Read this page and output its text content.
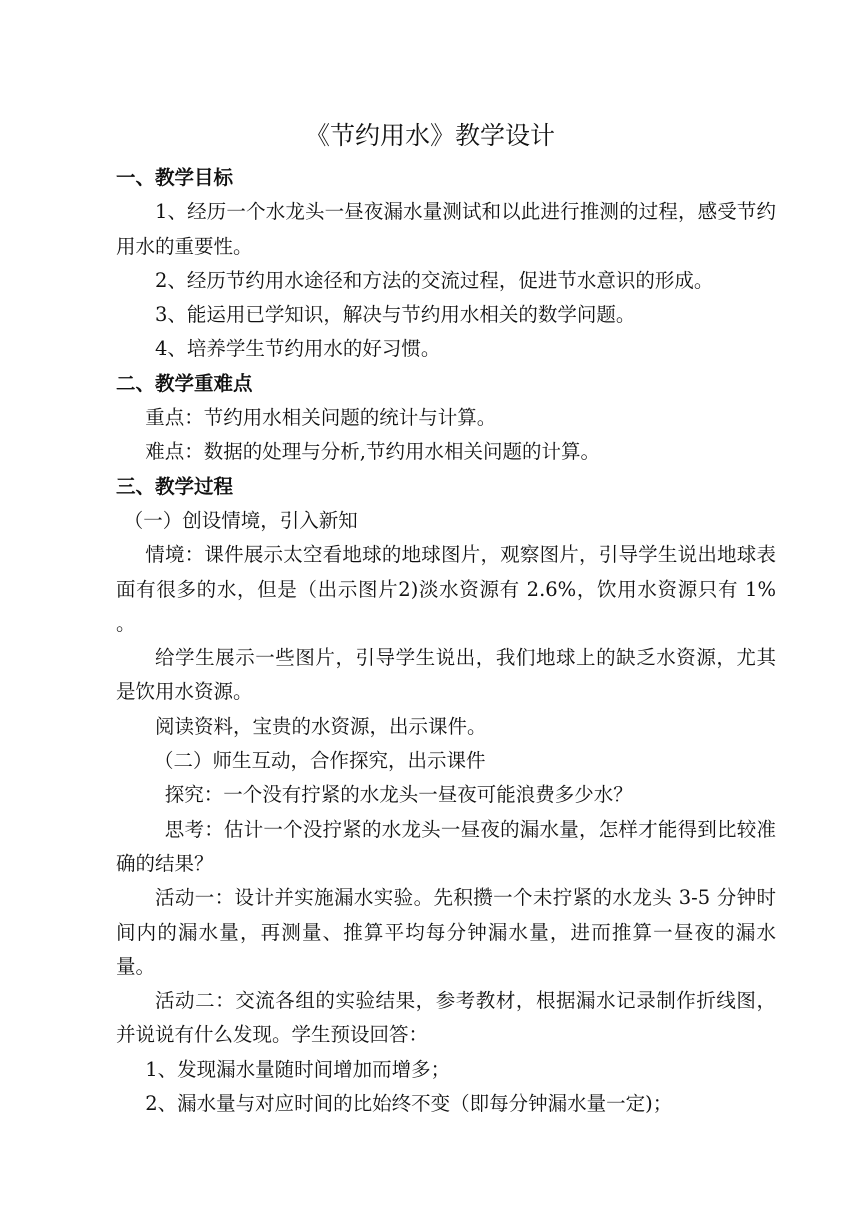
《节约用水》教学设计
一、教学目标

1、经历一个水龙头一昼夜漏水量测试和以此进行推测的过程，感受节约用水的重要性。

2、经历节约用水途径和方法的交流过程，促进节水意识的形成。

3、能运用已学知识，解决与节约用水相关的数学问题。

4、培养学生节约用水的好习惯。

二、教学重难点

重点：节约用水相关问题的统计与计算。

难点：数据的处理与分析,节约用水相关问题的计算。

三、教学过程

（一）创设情境，引入新知

情境：课件展示太空看地球的地球图片，观察图片，引导学生说出地球表面有很多的水，但是（出示图片2)淡水资源有 2.6%，饮用水资源只有 1% 。

给学生展示一些图片，引导学生说出，我们地球上的缺乏水资源，尤其是饮用水资源。

阅读资料，宝贵的水资源，出示课件。

（二）师生互动，合作探究，出示课件

探究：一个没有拧紧的水龙头一昼夜可能浪费多少水？

思考：估计一个没拧紧的水龙头一昼夜的漏水量，怎样才能得到比较准确的结果？

活动一：设计并实施漏水实验。先积攒一个未拧紧的水龙头 3-5 分钟时间内的漏水量，再测量、推算平均每分钟漏水量，进而推算一昼夜的漏水量。

活动二：交流各组的实验结果，参考教材，根据漏水记录制作折线图，并说说有什么发现。学生预设回答：

1、发现漏水量随时间增加而增多；

2、漏水量与对应时间的比始终不变（即每分钟漏水量一定)；
